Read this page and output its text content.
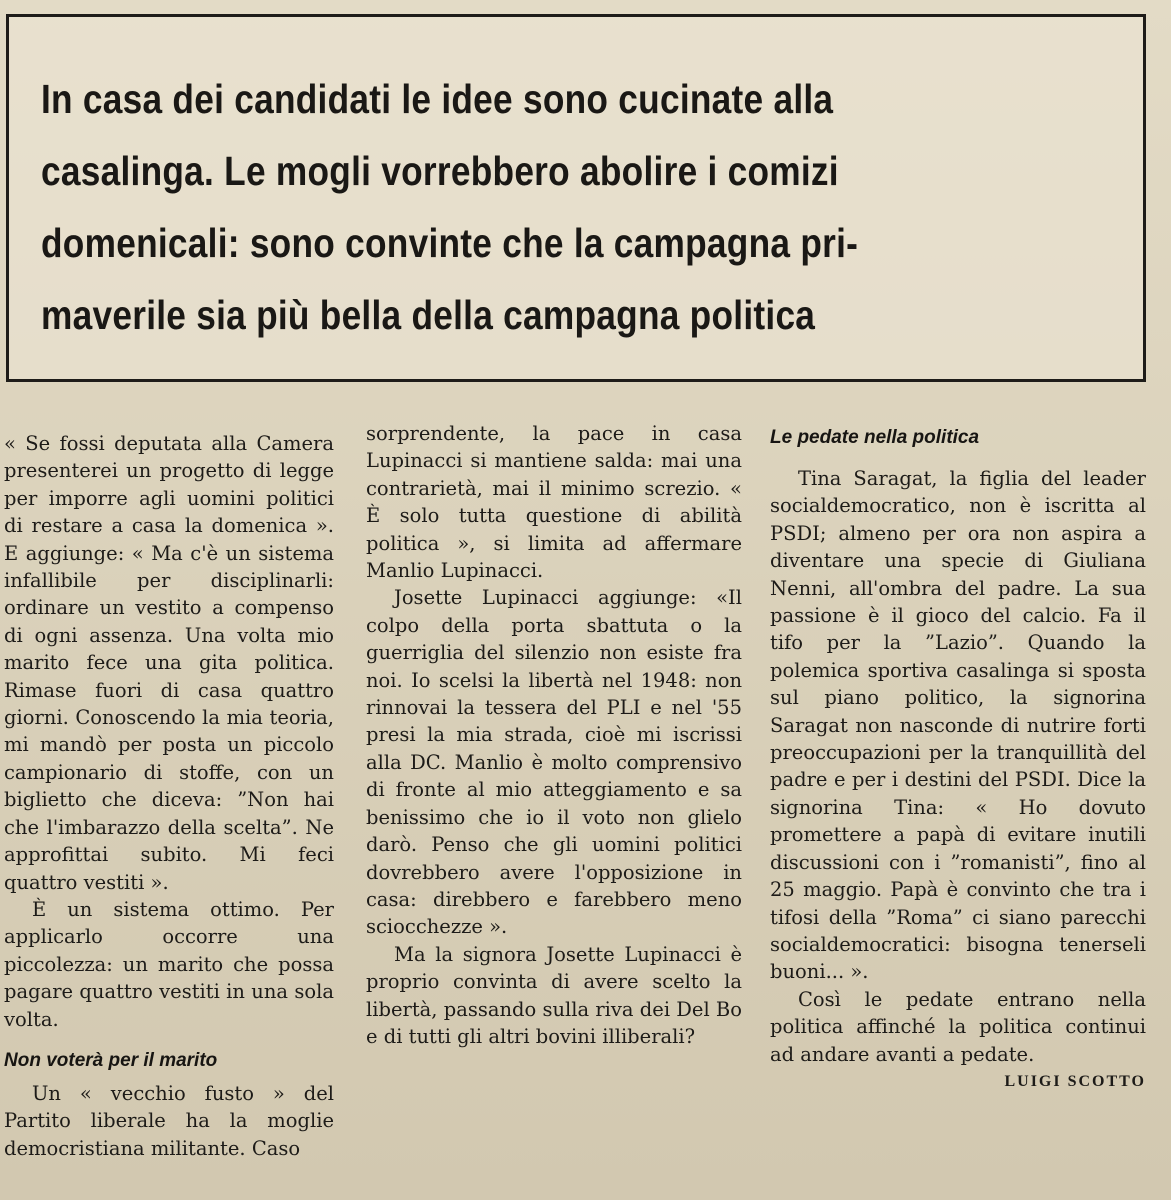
In casa dei candidati le idee sono cucinate alla
casalinga. Le mogli vorrebbero abolire i comizi
domenicali: sono convinte che la campagna pri-
maverile sia più bella della campagna politica

« Se fossi deputata alla Camera presenterei un progetto di legge per imporre agli uomini politici di restare a casa la domenica ». E aggiunge: « Ma c'è un sistema infallibile per disciplinarli: ordinare un vestito a compenso di ogni assenza. Una volta mio marito fece una gita politica. Rimase fuori di casa quattro giorni. Conoscendo la mia teoria, mi mandò per posta un piccolo campionario di stoffe, con un biglietto che diceva: ”Non hai che l'imbarazzo della scelta”. Ne approfittai subito. Mi feci quattro vestiti ».

È un sistema ottimo. Per applicarlo occorre una piccolezza: un marito che possa pagare quattro vestiti in una sola volta.

Non voterà per il marito

Un « vecchio fusto » del Partito liberale ha la moglie democristiana militante. Caso

sorprendente, la pace in casa Lupinacci si mantiene salda: mai una contrarietà, mai il minimo screzio. « È solo tutta questione di abilità politica », si limita ad affermare Manlio Lupinacci.

Josette Lupinacci aggiunge: «Il colpo della porta sbattuta o la guerriglia del silenzio non esiste fra noi. Io scelsi la libertà nel 1948: non rinnovai la tessera del PLI e nel '55 presi la mia strada, cioè mi iscrissi alla DC. Manlio è molto comprensivo di fronte al mio atteggiamento e sa benissimo che io il voto non glielo darò. Penso che gli uomini politici dovrebbero avere l'opposizione in casa: direbbero e farebbero meno sciocchezze ».

Ma la signora Josette Lupinacci è proprio convinta di avere scelto la libertà, passando sulla riva dei Del Bo e di tutti gli altri bovini illiberali?

Le pedate nella politica

Tina Saragat, la figlia del leader socialdemocratico, non è iscritta al PSDI; almeno per ora non aspira a diventare una specie di Giuliana Nenni, all'ombra del padre. La sua passione è il gioco del calcio. Fa il tifo per la ”Lazio”. Quando la polemica sportiva casalinga si sposta sul piano politico, la signorina Saragat non nasconde di nutrire forti preoccupazioni per la tranquillità del padre e per i destini del PSDI. Dice la signorina Tina: « Ho dovuto promettere a papà di evitare inutili discussioni con i ”romanisti”, fino al 25 maggio. Papà è convinto che tra i tifosi della ”Roma” ci siano parecchi socialdemocratici: bisogna tenerseli buoni... ».

Così le pedate entrano nella politica affinché la politica continui ad andare avanti a pedate.
LUIGI SCOTTO
